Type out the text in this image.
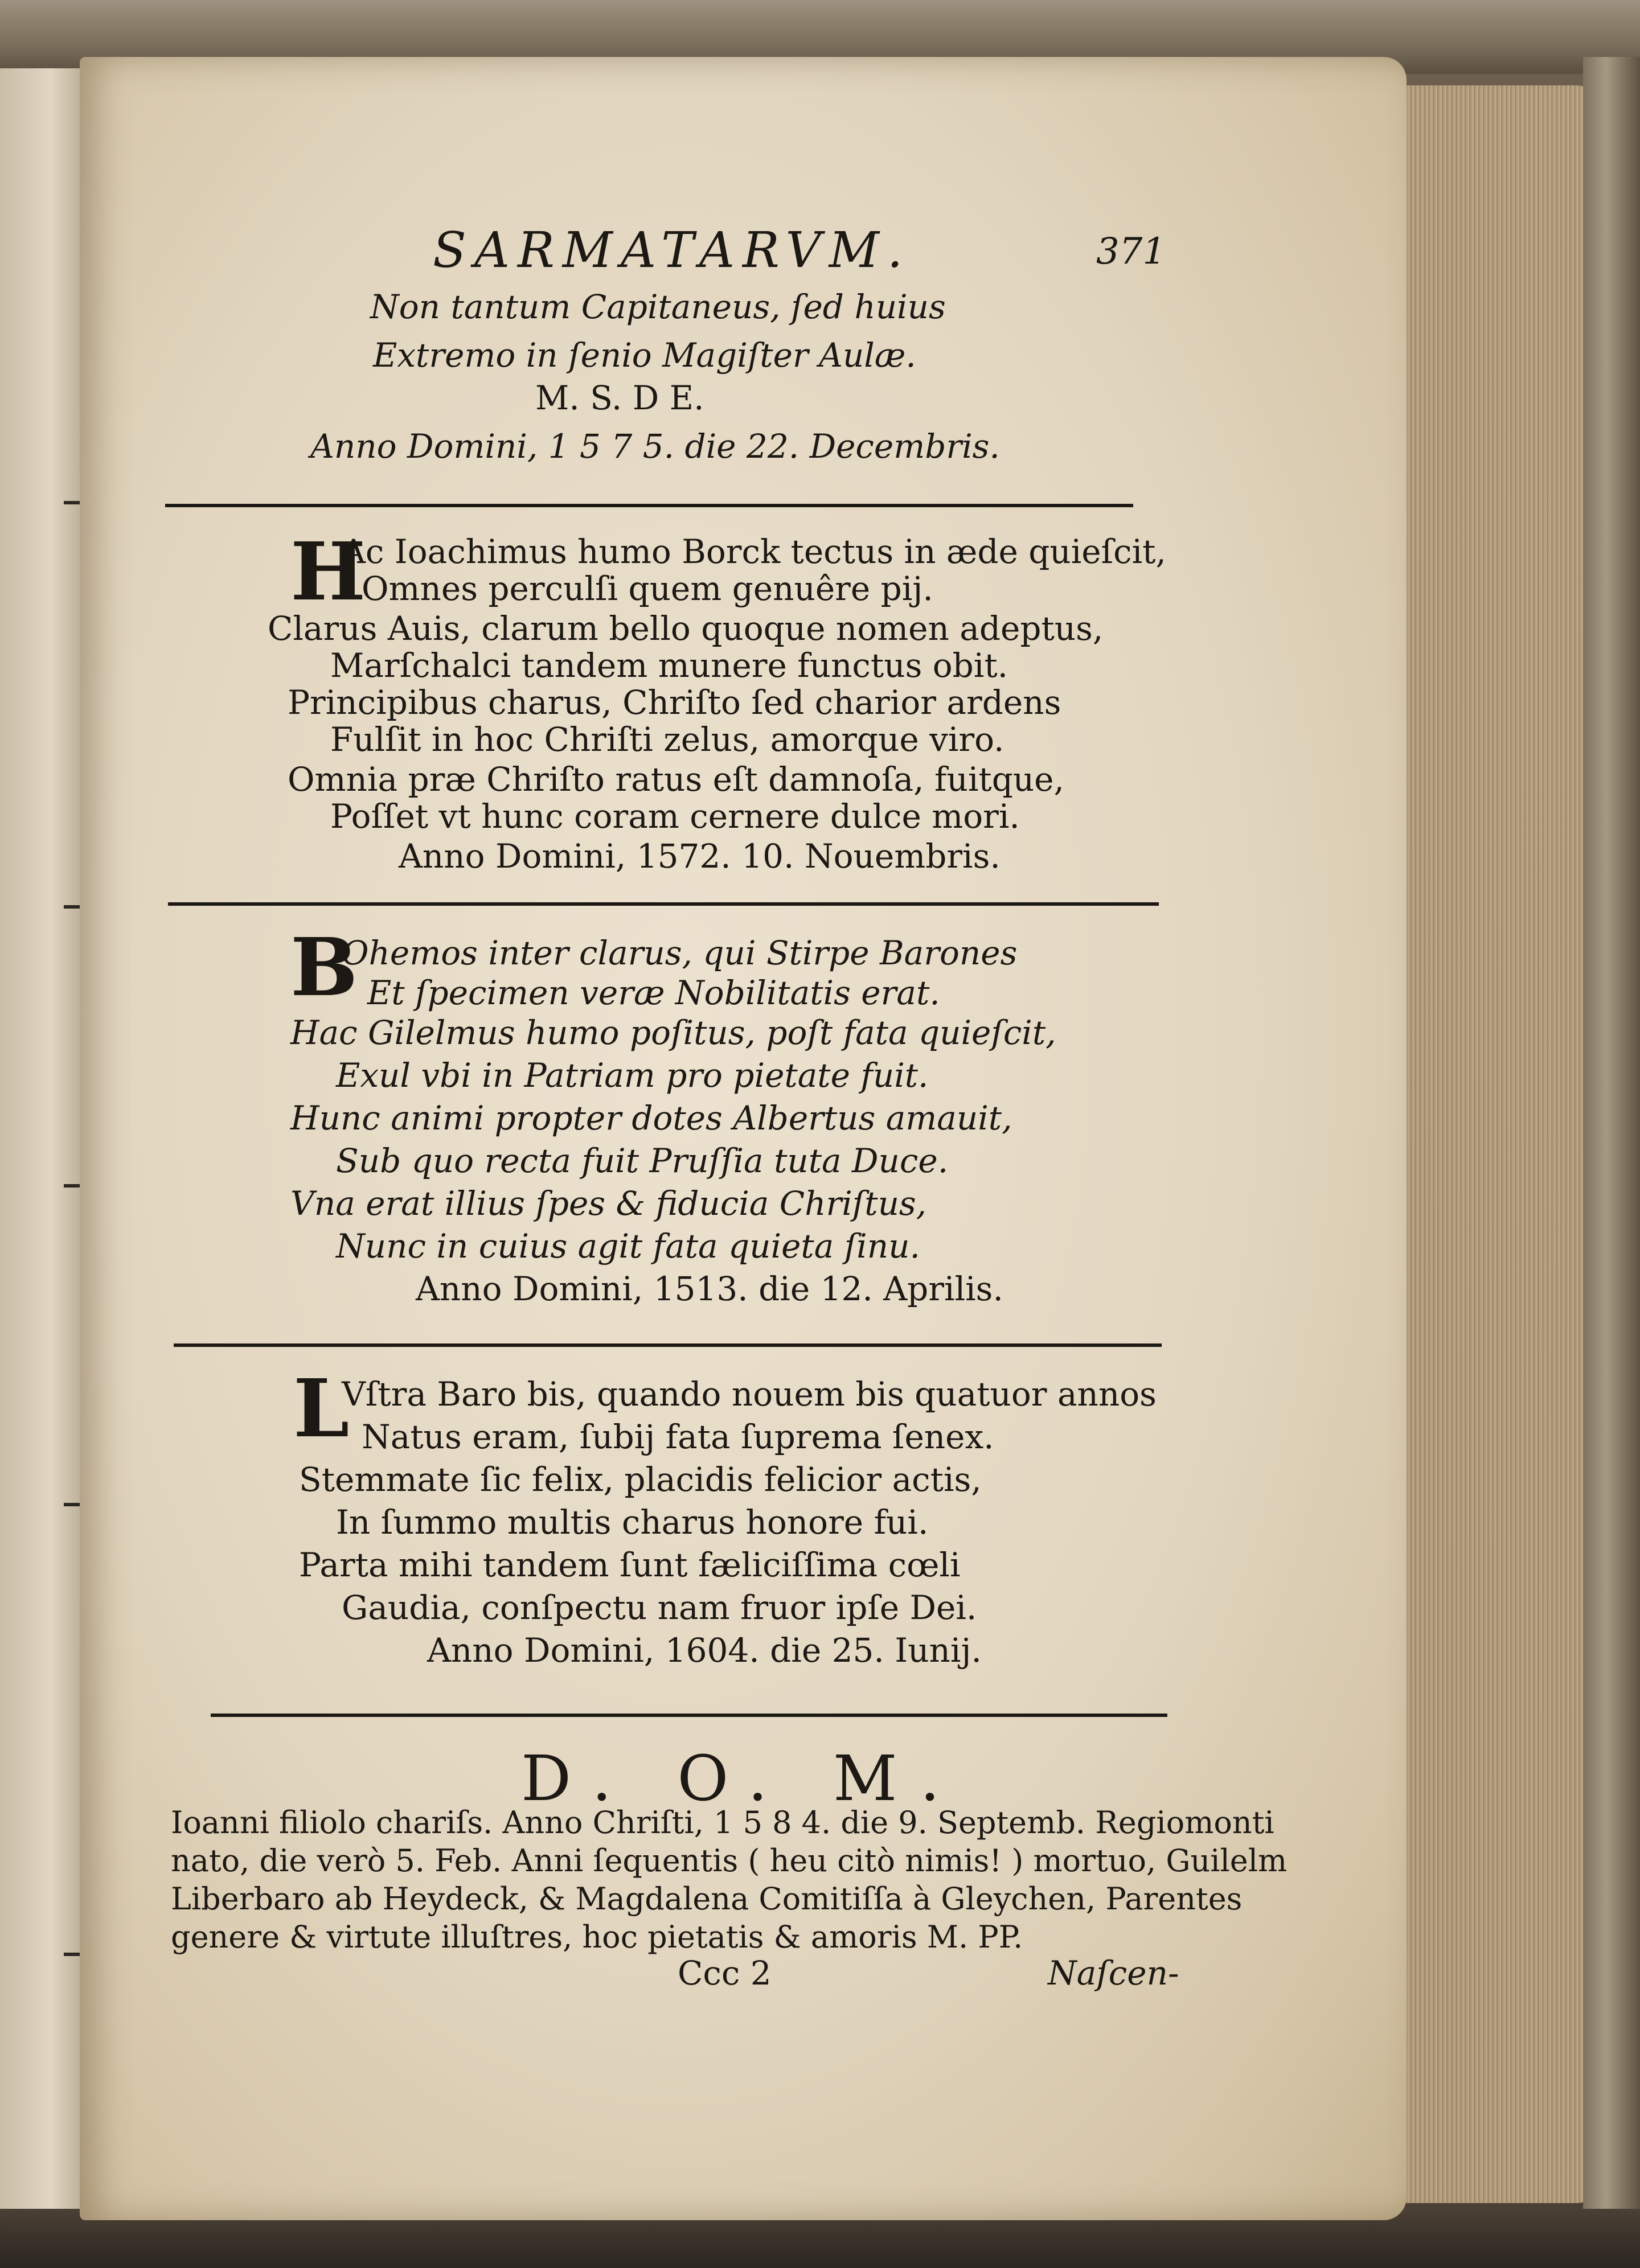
SARMATARVM.	371
Non tantum Capitaneus, ſed huius
Extremo in ſenio Magiſter Aulæ.
M. S. D E.
Anno Domini, 1 5 7 5. die 22. Decembris.
H
Ac Ioachimus humo Borck tectus in æde quieſcit,
Omnes perculſi quem genuêre pij.
Clarus Auis, clarum bello quoque nomen adeptus,
Marſchalci tandem munere functus obit.
Principibus charus, Chriſto ſed charior ardens
Fulſit in hoc Chriſti zelus, amorque viro.
Omnia præ Chriſto ratus eſt damnoſa, fuitque,
Poſſet vt hunc coram cernere dulce mori.
Anno Domini, 1572. 10. Nouembris.
B
Ohemos inter clarus, qui Stirpe Barones
Et ſpecimen veræ Nobilitatis erat.
Hac Gilelmus humo poſitus, poſt fata quieſcit,
Exul vbi in Patriam pro pietate fuit.
Hunc animi propter dotes Albertus amauit,
Sub quo recta fuit Pruſſia tuta Duce.
Vna erat illius ſpes & fiducia Chriſtus,
Nunc in cuius agit fata quieta ſinu.
Anno Domini, 1513. die 12. Aprilis.
L
Vſtra Baro bis, quando nouem bis quatuor annos
Natus eram, ſubij fata ſuprema ſenex.
Stemmate ſic felix, placidis felicior actis,
In ſummo multis charus honore fui.
Parta mihi tandem ſunt fæliciſſima cœli
Gaudia, conſpectu nam fruor ipſe Dei.
Anno Domini, 1604. die 25. Iunij.
D. O. M.
Ioanni filiolo chariſs. Anno Chriſti, 1 5 8 4. die 9. Septemb. Regiomonti
nato, die verò 5. Feb. Anni ſequentis ( heu citò nimis! ) mortuo, Guilelm
Liberbaro ab Heydeck, & Magdalena Comitiſſa à Gleychen, Parentes
genere & virtute illuſtres, hoc pietatis & amoris M. PP.
Ccc 2	Naſcen-
